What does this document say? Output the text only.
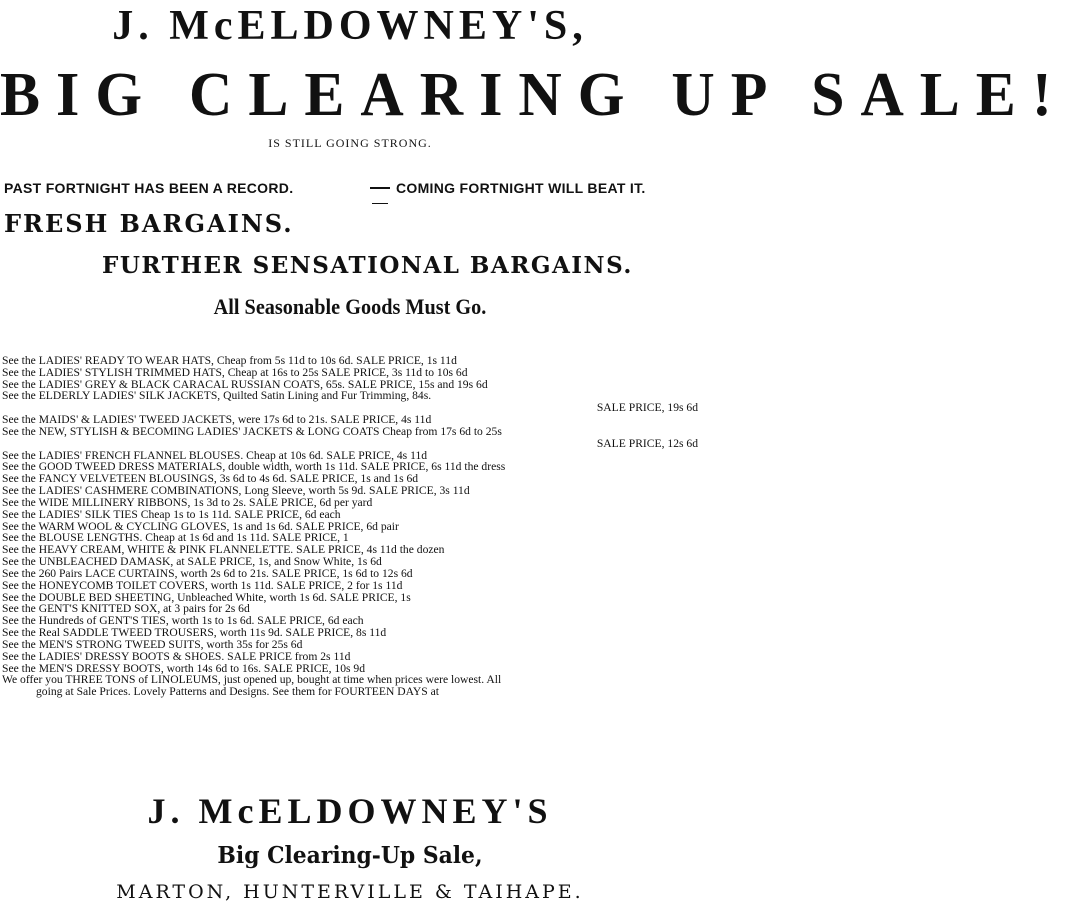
J. McELDOWNEY'S,
BIG CLEARING UP SALE!

IS STILL GOING STRONG.

PAST FORTNIGHT HAS BEEN A RECORD.	COMING FORTNIGHT WILL BEAT IT.

FRESH BARGAINS.

FURTHER SENSATIONAL BARGAINS.

All Seasonable Goods Must Go.

See the LADIES' READY TO WEAR HATS, Cheap from 5s 11d to 10s 6d. SALE PRICE, 1s 11d
See the LADIES' STYLISH TRIMMED HATS, Cheap at 16s to 25s SALE PRICE, 3s 11d to 10s 6d
See the LADIES' GREY & BLACK CARACAL RUSSIAN COATS, 65s. SALE PRICE, 15s and 19s 6d
See the ELDERLY LADIES' SILK JACKETS, Quilted Satin Lining and Fur Trimming, 84s.
SALE PRICE, 19s 6d
See the MAIDS' & LADIES' TWEED JACKETS, were 17s 6d to 21s. SALE PRICE, 4s 11d
See the NEW, STYLISH & BECOMING LADIES' JACKETS & LONG COATS Cheap from 17s 6d to 25s
SALE PRICE, 12s 6d
See the LADIES' FRENCH FLANNEL BLOUSES. Cheap at 10s 6d. SALE PRICE, 4s 11d
See the GOOD TWEED DRESS MATERIALS, double width, worth 1s 11d. SALE PRICE, 6s 11d the dress
See the FANCY VELVETEEN BLOUSINGS, 3s 6d to 4s 6d. SALE PRICE, 1s and 1s 6d
See the LADIES' CASHMERE COMBINATIONS, Long Sleeve, worth 5s 9d. SALE PRICE, 3s 11d
See the WIDE MILLINERY RIBBONS, 1s 3d to 2s. SALE PRICE, 6d per yard
See the LADIES' SILK TIES Cheap 1s to 1s 11d. SALE PRICE, 6d each
See the WARM WOOL & CYCLING GLOVES, 1s and 1s 6d. SALE PRICE, 6d pair
See the BLOUSE LENGTHS. Cheap at 1s 6d and 1s 11d. SALE PRICE, 1
See the HEAVY CREAM, WHITE & PINK FLANNELETTE. SALE PRICE, 4s 11d the dozen
See the UNBLEACHED DAMASK, at SALE PRICE, 1s, and Snow White, 1s 6d
See the 260 Pairs LACE CURTAINS, worth 2s 6d to 21s. SALE PRICE, 1s 6d to 12s 6d
See the HONEYCOMB TOILET COVERS, worth 1s 11d. SALE PRICE, 2 for 1s 11d
See the DOUBLE BED SHEETING, Unbleached White, worth 1s 6d. SALE PRICE, 1s
See the GENT'S KNITTED SOX, at 3 pairs for 2s 6d
See the Hundreds of GENT'S TIES, worth 1s to 1s 6d. SALE PRICE, 6d each
See the Real SADDLE TWEED TROUSERS, worth 11s 9d. SALE PRICE, 8s 11d
See the MEN'S STRONG TWEED SUITS, worth 35s for 25s 6d
See the LADIES' DRESSY BOOTS & SHOES. SALE PRICE from 2s 11d
See the MEN'S DRESSY BOOTS, worth 14s 6d to 16s. SALE PRICE, 10s 9d
We offer you THREE TONS of LINOLEUMS, just opened up, bought at time when prices were lowest. All
going at Sale Prices. Lovely Patterns and Designs. See them for FOURTEEN DAYS at
J. McELDOWNEY'S

Big Clearing-Up Sale,

MARTON, HUNTERVILLE & TAIHAPE.
